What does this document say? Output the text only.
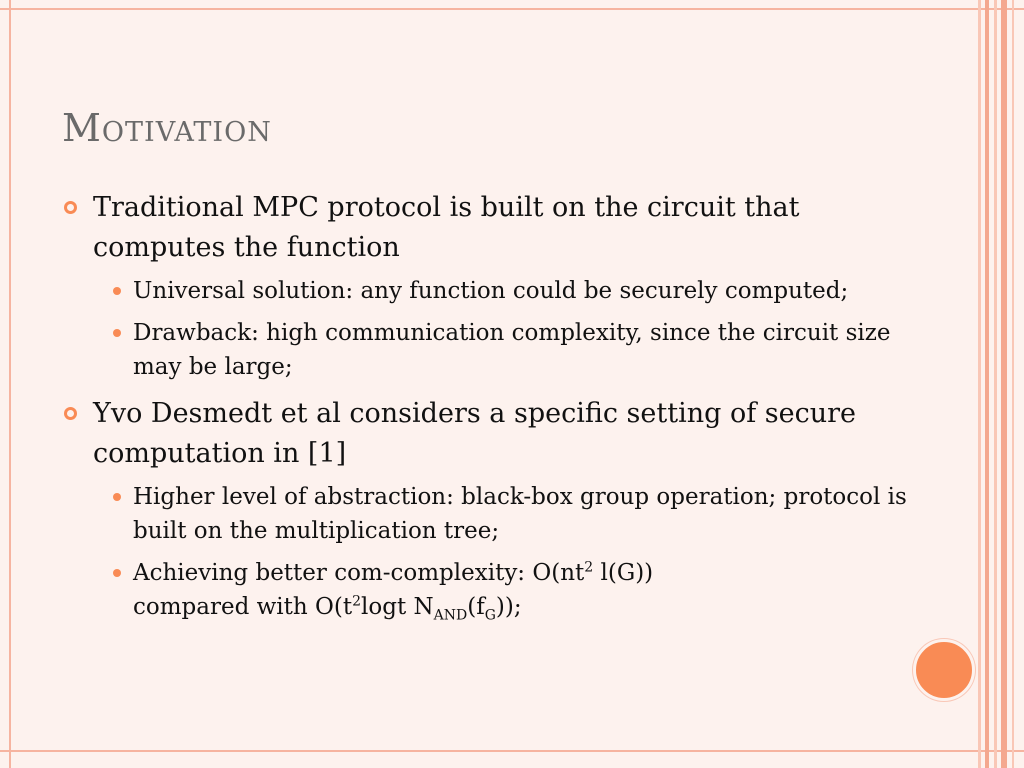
Motivation
Traditional MPC protocol is built on the circuit that computes the function
Universal solution: any function could be securely computed;
Drawback: high communication complexity, since the circuit size may be large;
Yvo Desmedt et al considers a specific setting of secure computation in [1]
Higher level of abstraction: black-box group operation; protocol is built on the multiplication tree;
Achieving better com-complexity: $O(nt^2$ l(G))
compared with $O(t^2\log t$ $N_{AND}(f_G)$);
